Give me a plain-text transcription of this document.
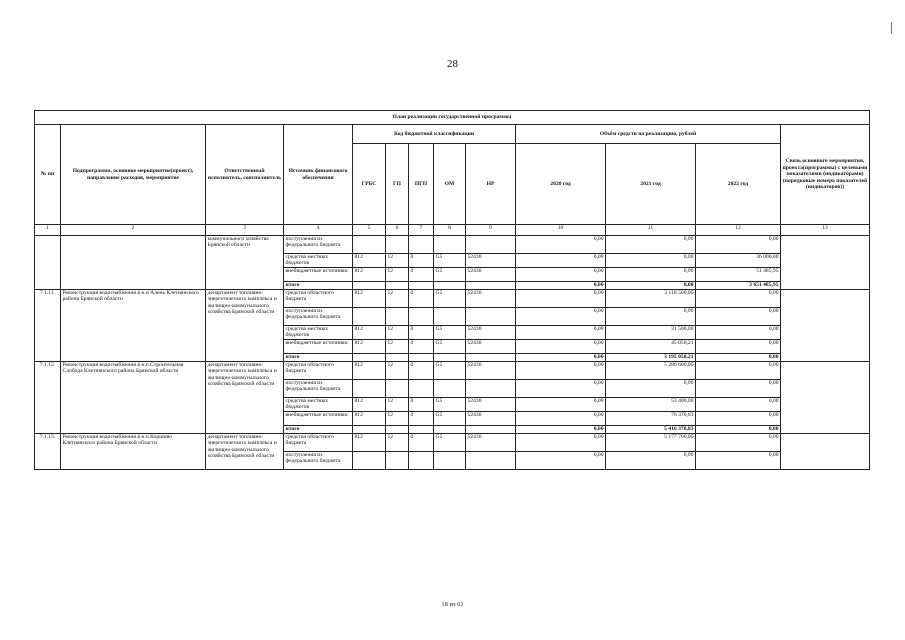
28
План реализации государственной программы												
№ пп	Подпрограмма, основное мероприятие(проект), направление расходов, мероприятие	Ответственный исполнитель, соисполнитель	Источник финансового обеспечения	Код бюджетной классификации					Объём средств на реализацию, рублей			Связь основного мероприятия, проекта(программы) с целевыми показателями (индикаторами) (порядковые номера показателей (индикаторов))
				ГРБС	ГП	ПГП	ОМ	НР	2020 год	2021 год	2022 год	
1	2	3	4	5	6	7	8	9	10	11	12	13
		коммунального хозяйства Брянской области	поступления из федерального бюджета						0,00	0,00	0,00	
			средства местных бюджетов	812	12	0	G5	52430	0,00	0,00	36 000,00	
			внебюджетные источники	812	12	0	G5	52430	0,00	0,00	51 485,95	
			итого						0,00	0,00	3 651 485,95	
7.1.11.	Реконструкция водоснабжения в н.п Алень Клетнянского района Брянской области	департамент топливно-энергетического комплекса и жилищно-коммунального хозяйства Брянской области	средства областного бюджета	812	12	0	G5	52430	0,00	3 118 500,00	0,00	
			поступления из федерального бюджета						0,00	0,00	0,00	
			средства местных бюджетов	812	12	0	G5	52430	0,00	31 500,00	0,00	
			внебюджетные источники	812	12	0	G5	52430	0,00	45 050,21	0,00	
			итого						0,00	3 195 050,21	0,00	
7.1.12.	Реконструкция водоснабжения в н.п.Строительная Слобода Клетнянского района Брянской области	департамент топливно-энергетического комплекса и жилищно-коммунального хозяйства Брянской области	средства областного бюджета	812	12	0	G5	52430	0,00	5 286 600,00	0,00	
			поступления из федерального бюджета						0,00	0,00	0,00	
			средства местных бюджетов	812	12	0	G5	52430	0,00	53 400,00	0,00	
			внебюджетные источники	812	12	0	G5	52430	0,00	76 370,83	0,00	
			итого						0,00	5 416 370,83	0,00	
7.1.13.	Реконструкция водоснабжения в н.п.Коршиво Клетнянского района Брянской области	департамент топливно-энергетического комплекса и жилищно-коммунального хозяйства Брянской области	средства областного бюджета	812	12	0	G5	52430	0,00	5 177 700,00	0,00	
			поступления из федерального бюджета						0,00	0,00	0,00	
18 из 61
